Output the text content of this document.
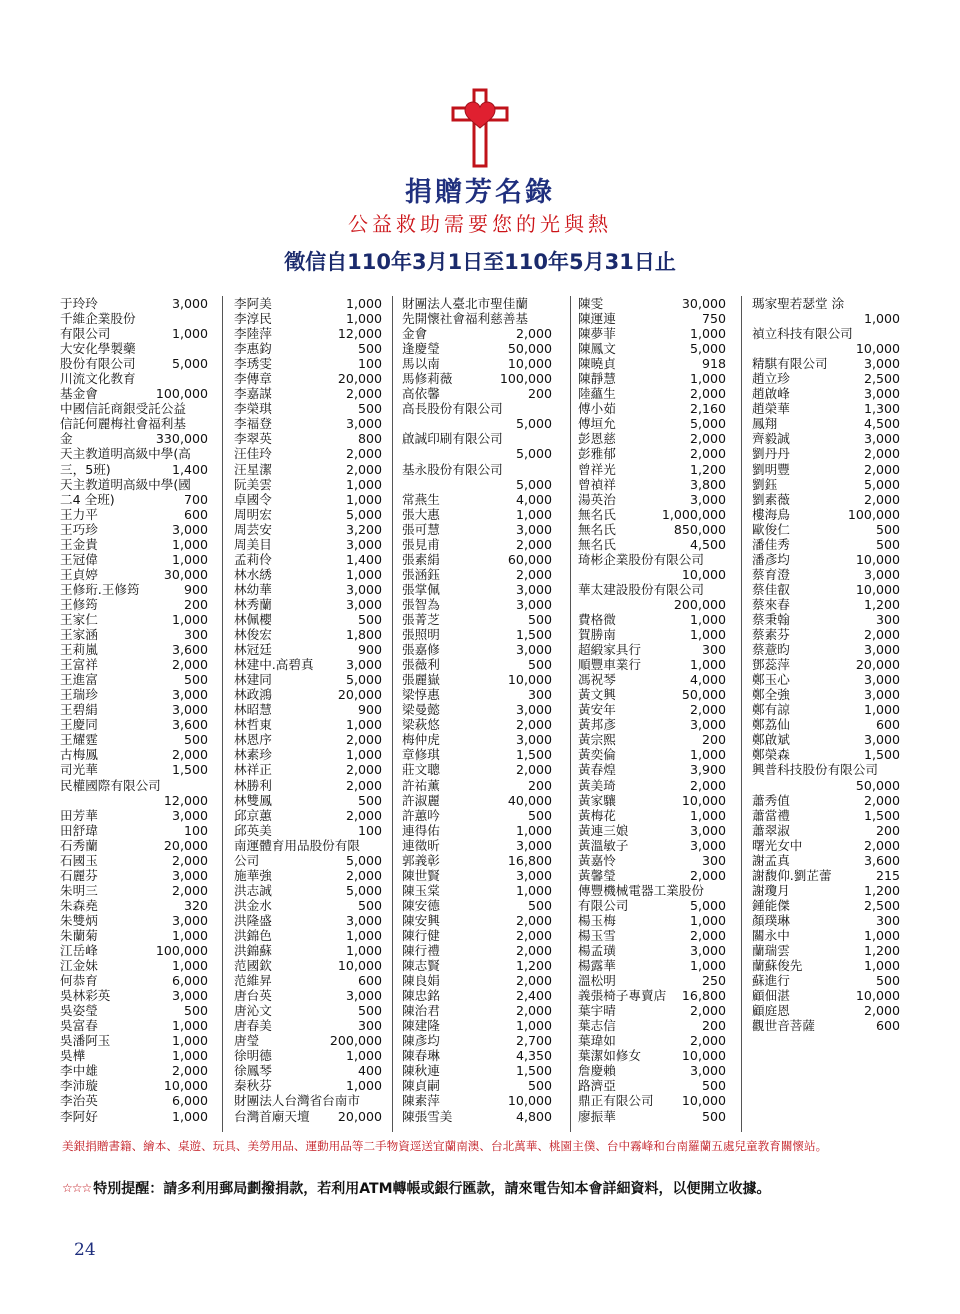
捐贈芳名錄
公益救助需要您的光與熱
徵信自110年3月1日至110年5月31日止
于玲玲	3,000
千維企業股份
有限公司	1,000
大安化學製藥
股份有限公司	5,000
川流文化教育
基金會	100,000
中國信託商銀受託公益
信託何麗梅社會福利基
金	330,000
天主教道明高級中學(高
三，5班)	1,400
天主教道明高級中學(國
二4 全班)	700
王力平	600
王巧珍	3,000
王金貴	1,000
王冠偉	1,000
王貞婷	30,000
王修珩.王修筠	900
王修筠	200
王家仁	1,000
王家涵	300
王莉嵐	3,600
王富祥	2,000
王進富	500
王瑞珍	3,000
王碧絹	3,000
王慶同	3,600
王耀霆	500
古梅鳳	2,000
司光華	1,500
民權國際有限公司
12,000
田芳華	3,000
田舒瑋	100
石秀蘭	20,000
石國玉	2,000
石麗芬	3,000
朱明三	2,000
朱森堯	320
朱雙炳	3,000
朱蘭菊	1,000
江岳峰	100,000
江金妹	1,000
何恭育	6,000
吳林彩英	3,000
吳姿瑩	500
吳富春	1,000
吳潘阿玉	1,000
吳樺	1,000
李中雄	2,000
李沛璇	10,000
李治英	6,000
李阿好	1,000
李阿美	1,000
李淳民	1,000
李陸萍	12,000
李惠鈞	500
李琇雯	100
李傳章	20,000
李嘉謀	2,000
李榮琪	500
李福登	3,000
李翠英	800
汪佳玲	2,000
汪星潔	2,000
阮美雲	1,000
卓國令	1,000
周明宏	5,000
周芸安	3,200
周美目	3,000
孟莉伶	1,400
林水綉	1,000
林幼華	3,000
林秀蘭	3,000
林佩櫻	500
林俊宏	1,800
林冠廷	900
林建中.高碧真	3,000
林建同	5,000
林政鴻	20,000
林昭慧	900
林哲東	1,000
林恩序	2,000
林素珍	1,000
林祥正	2,000
林勝利	2,000
林雙鳳	500
邱京蕙	2,000
邱英美	100
南運體育用品股份有限
公司	5,000
施華強	2,000
洪志誠	5,000
洪金水	500
洪隆盛	3,000
洪錦色	1,000
洪錦蘇	1,000
范國欽	10,000
范維昇	600
唐台英	3,000
唐沁文	500
唐春美	300
唐瑩	200,000
徐明德	1,000
徐鳳琴	400
秦秋芬	1,000
財團法人台灣省台南市
台灣首廟天壇	20,000
財團法人臺北市聖佳蘭
先開懷社會福利慈善基
金會	2,000
逢慶瑩	50,000
馬以南	10,000
馬修莉薇	100,000
高依馨	200
高長股份有限公司
5,000
啟誠印刷有限公司
5,000
基永股份有限公司
5,000
常燕生	4,000
張大惠	1,000
張可慧	3,000
張見甫	2,000
張素絹	60,000
張涵鈺	2,000
張掌佩	3,000
張智為	3,000
張菁芝	500
張照明	1,500
張嘉修	3,000
張薇利	500
張麗嶽	10,000
梁惇惠	300
梁曼懿	3,000
梁萩悠	2,000
梅仲虎	3,000
章修琪	1,500
莊文聰	2,000
許祐薰	200
許淑麗	40,000
許蕙吟	500
連得佑	1,000
連徵昕	3,000
郭義彰	16,800
陳世賢	3,000
陳玉棠	1,000
陳安德	500
陳安興	2,000
陳行健	2,000
陳行禮	2,000
陳志賢	1,200
陳良娟	2,000
陳忠銘	2,400
陳治君	2,000
陳建隆	1,000
陳彥均	2,700
陳春琳	4,350
陳秋連	1,500
陳貞嗣	500
陳素萍	10,000
陳張雪美	4,800
陳雯	30,000
陳運連	750
陳夢菲	1,000
陳鳳文	5,000
陳曉貞	918
陳靜慧	1,000
陸蘊生	2,000
傅小茹	2,160
傅垣允	5,000
彭恩慈	2,000
彭雅郁	2,000
曾祥光	1,200
曾禎祥	3,800
湯英治	3,000
無名氏	1,000,000
無名氏	850,000
無名氏	4,500
琦彬企業股份有限公司
10,000
華太建設股份有限公司
200,000
費格微	1,000
賀勝南	1,000
超緞家具行	300
順豐車業行	1,000
馮祝琴	4,000
黃文興	50,000
黃安年	2,000
黃邦彥	3,000
黃宗熙	200
黃奕倫	1,000
黃春煌	3,900
黃美琦	2,000
黃家驤	10,000
黃梅花	1,000
黃連三娘	3,000
黃溫敏子	3,000
黃嘉怜	300
黃馨瑩	2,000
傳豐機械電器工業股份
有限公司	5,000
楊玉梅	1,000
楊玉雪	2,000
楊孟璜	3,000
楊露華	1,000
溫松明	250
義張椅子專賣店	16,800
葉宇晴	2,000
葉志信	200
葉瑋如	2,000
葉潔如修女	10,000
詹慶賴	3,000
路濟亞	500
鼎正有限公司	10,000
廖振華	500
瑪家聖若瑟堂 涂
1,000
禎立科技有限公司
10,000
精騏有限公司	3,000
趙立珍	2,500
趙啟峰	3,000
趙榮華	1,300
鳳翔	4,500
齊毅誠	3,000
劉丹丹	2,000
劉明豐	2,000
劉鈺	5,000
劉素薇	2,000
樓海鳥	100,000
歐俊仁	500
潘佳秀	500
潘彥均	10,000
蔡育澄	3,000
蔡佳叡	10,000
蔡來春	1,200
蔡秉翰	300
蔡素芬	2,000
蔡薏昀	3,000
鄧蕊萍	20,000
鄭玉心	3,000
鄭全強	3,000
鄭有諒	1,000
鄭荔仙	600
鄭啟斌	3,000
鄭榮森	1,500
興普科技股份有限公司
50,000
蕭秀值	2,000
蕭當禮	1,500
蕭翠淑	200
曙光女中	2,000
謝孟真	3,600
謝馥仰.劉芷蕾	215
謝瓊月	1,200
鍾能傑	2,500
顏璞琳	300
關永中	1,000
蘭瑞雲	1,200
蘭蘇俊先	1,000
蘇進行	500
顧佃湛	10,000
顧庭恩	2,000
觀世音菩薩	600
美銀捐贈書籍、繪本、桌遊、玩具、美勞用品、運動用品等二手物資逕送宜蘭南澳、台北萬華、桃園主僕、台中霧峰和台南羅蘭五處兒童教育關懷站。
☆☆☆ 特別提醒：請多利用郵局劃撥捐款，若利用ATM轉帳或銀行匯款，請來電告知本會詳細資料，以便開立收據。
24
